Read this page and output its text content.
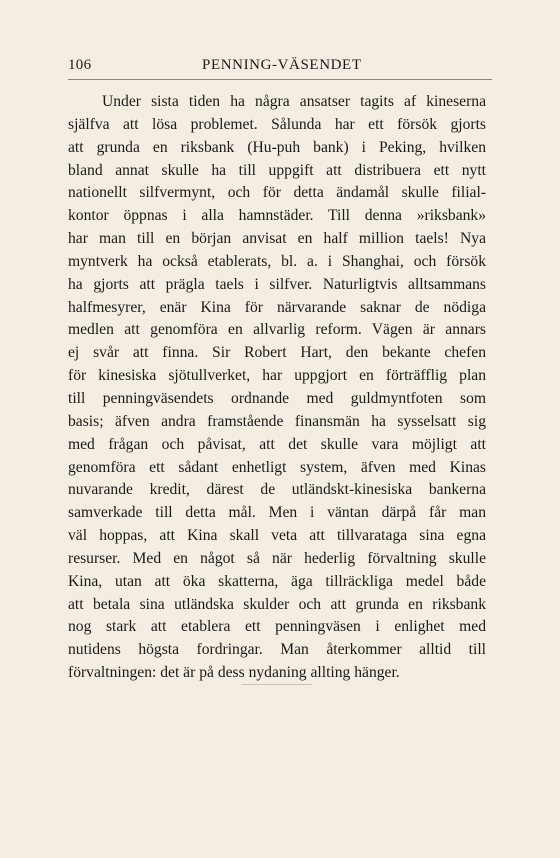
106	PENNING-VÄSENDET
Under sista tiden ha några ansatser tagits af kineserna
själfva att lösa problemet. Sålunda har ett försök gjorts
att grunda en riksbank (Hu-puh bank) i Peking, hvilken
bland annat skulle ha till uppgift att distribuera ett nytt
nationellt silfvermynt, och för detta ändamål skulle filial-
kontor öppnas i alla hamnstäder. Till denna »riksbank»
har man till en början anvisat en half million taels! Nya
myntverk ha också etablerats, bl. a. i Shanghai, och försök
ha gjorts att prägla taels i silfver. Naturligtvis alltsammans
halfmesyrer, enär Kina för närvarande saknar de nödiga
medlen att genomföra en allvarlig reform. Vägen är annars
ej svår att finna. Sir Robert Hart, den bekante chefen
för kinesiska sjötullverket, har uppgjort en förträfflig plan
till penningväsendets ordnande med guldmyntfoten som
basis; äfven andra framstående finansmän ha sysselsatt sig
med frågan och påvisat, att det skulle vara möjligt att
genomföra ett sådant enhetligt system, äfven med Kinas
nuvarande kredit, därest de utländskt-kinesiska bankerna
samverkade till detta mål. Men i väntan därpå får man
väl hoppas, att Kina skall veta att tillvarataga sina egna
resurser. Med en något så när hederlig förvaltning skulle
Kina, utan att öka skatterna, äga tillräckliga medel både
att betala sina utländska skulder och att grunda en riksbank
nog stark att etablera ett penningväsen i enlighet med
nutidens högsta fordringar. Man återkommer alltid till
förvaltningen: det är på dess nydaning allting hänger.
